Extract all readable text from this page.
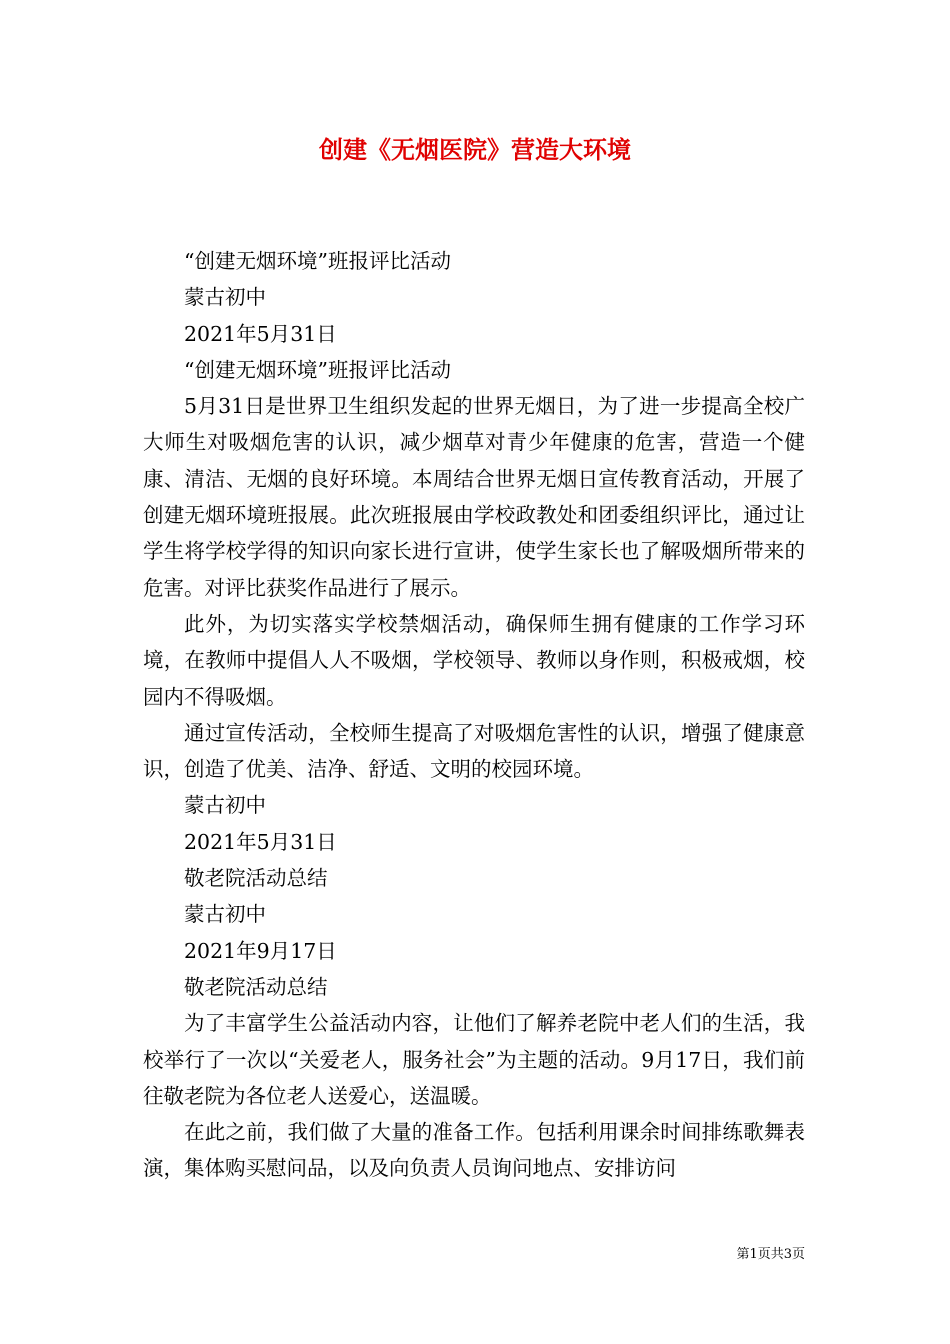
创建《无烟医院》营造大环境

“创建无烟环境”班报评比活动

蒙古初中

2021年5月31日

“创建无烟环境”班报评比活动

5月31日是世界卫生组织发起的世界无烟日，为了进一步提高全校广大师生对吸烟危害的认识，减少烟草对青少年健康的危害，营造一个健康、清洁、无烟的良好环境。本周结合世界无烟日宣传教育活动，开展了创建无烟环境班报展。此次班报展由学校政教处和团委组织评比，通过让学生将学校学得的知识向家长进行宣讲，使学生家长也了解吸烟所带来的危害。对评比获奖作品进行了展示。

此外，为切实落实学校禁烟活动，确保师生拥有健康的工作学习环境，在教师中提倡人人不吸烟，学校领导、教师以身作则，积极戒烟，校园内不得吸烟。

通过宣传活动，全校师生提高了对吸烟危害性的认识，增强了健康意识，创造了优美、洁净、舒适、文明的校园环境。

蒙古初中

2021年5月31日

敬老院活动总结

蒙古初中

2021年9月17日

敬老院活动总结

为了丰富学生公益活动内容，让他们了解养老院中老人们的生活，我校举行了一次以“关爱老人，服务社会”为主题的活动。9月17日，我们前往敬老院为各位老人送爱心，送温暖。

在此之前，我们做了大量的准备工作。包括利用课余时间排练歌舞表演，集体购买慰问品，以及向负责人员询问地点、安排访问

第1页共3页
